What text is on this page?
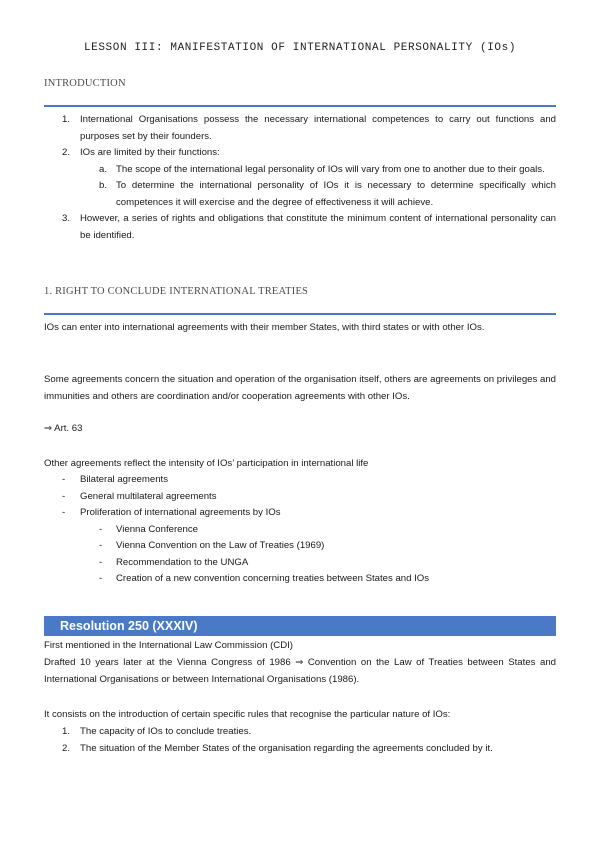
LESSON III: MANIFESTATION OF INTERNATIONAL PERSONALITY (IOs)
INTRODUCTION
1. International Organisations possess the necessary international competences to carry out functions and purposes set by their founders.
2. IOs are limited by their functions:
a. The scope of the international legal personality of IOs will vary from one to another due to their goals.
b. To determine the international personality of IOs it is necessary to determine specifically which competences it will exercise and the degree of effectiveness it will achieve.
3. However, a series of rights and obligations that constitute the minimum content of international personality can be identified.
1. RIGHT TO CONCLUDE INTERNATIONAL TREATIES
IOs can enter into international agreements with their member States, with third states or with other IOs.
Some agreements concern the situation and operation of the organisation itself, others are agreements on privileges and immunities and others are coordination and/or cooperation agreements with other IOs.
⇒ Art. 63
Other agreements reflect the intensity of IOs’ participation in international life
- Bilateral agreements
- General multilateral agreements
- Proliferation of international agreements by IOs
- Vienna Conference
- Vienna Convention on the Law of Treaties (1969)
- Recommendation to the UNGA
- Creation of a new convention concerning treaties between States and IOs
Resolution 250 (XXXIV)
First mentioned in the International Law Commission (CDI)
Drafted 10 years later at the Vienna Congress of 1986 ⇒ Convention on the Law of Treaties between States and International Organisations or between International Organisations (1986).
It consists on the introduction of certain specific rules that recognise the particular nature of IOs:
1. The capacity of IOs to conclude treaties.
2. The situation of the Member States of the organisation regarding the agreements concluded by it.
